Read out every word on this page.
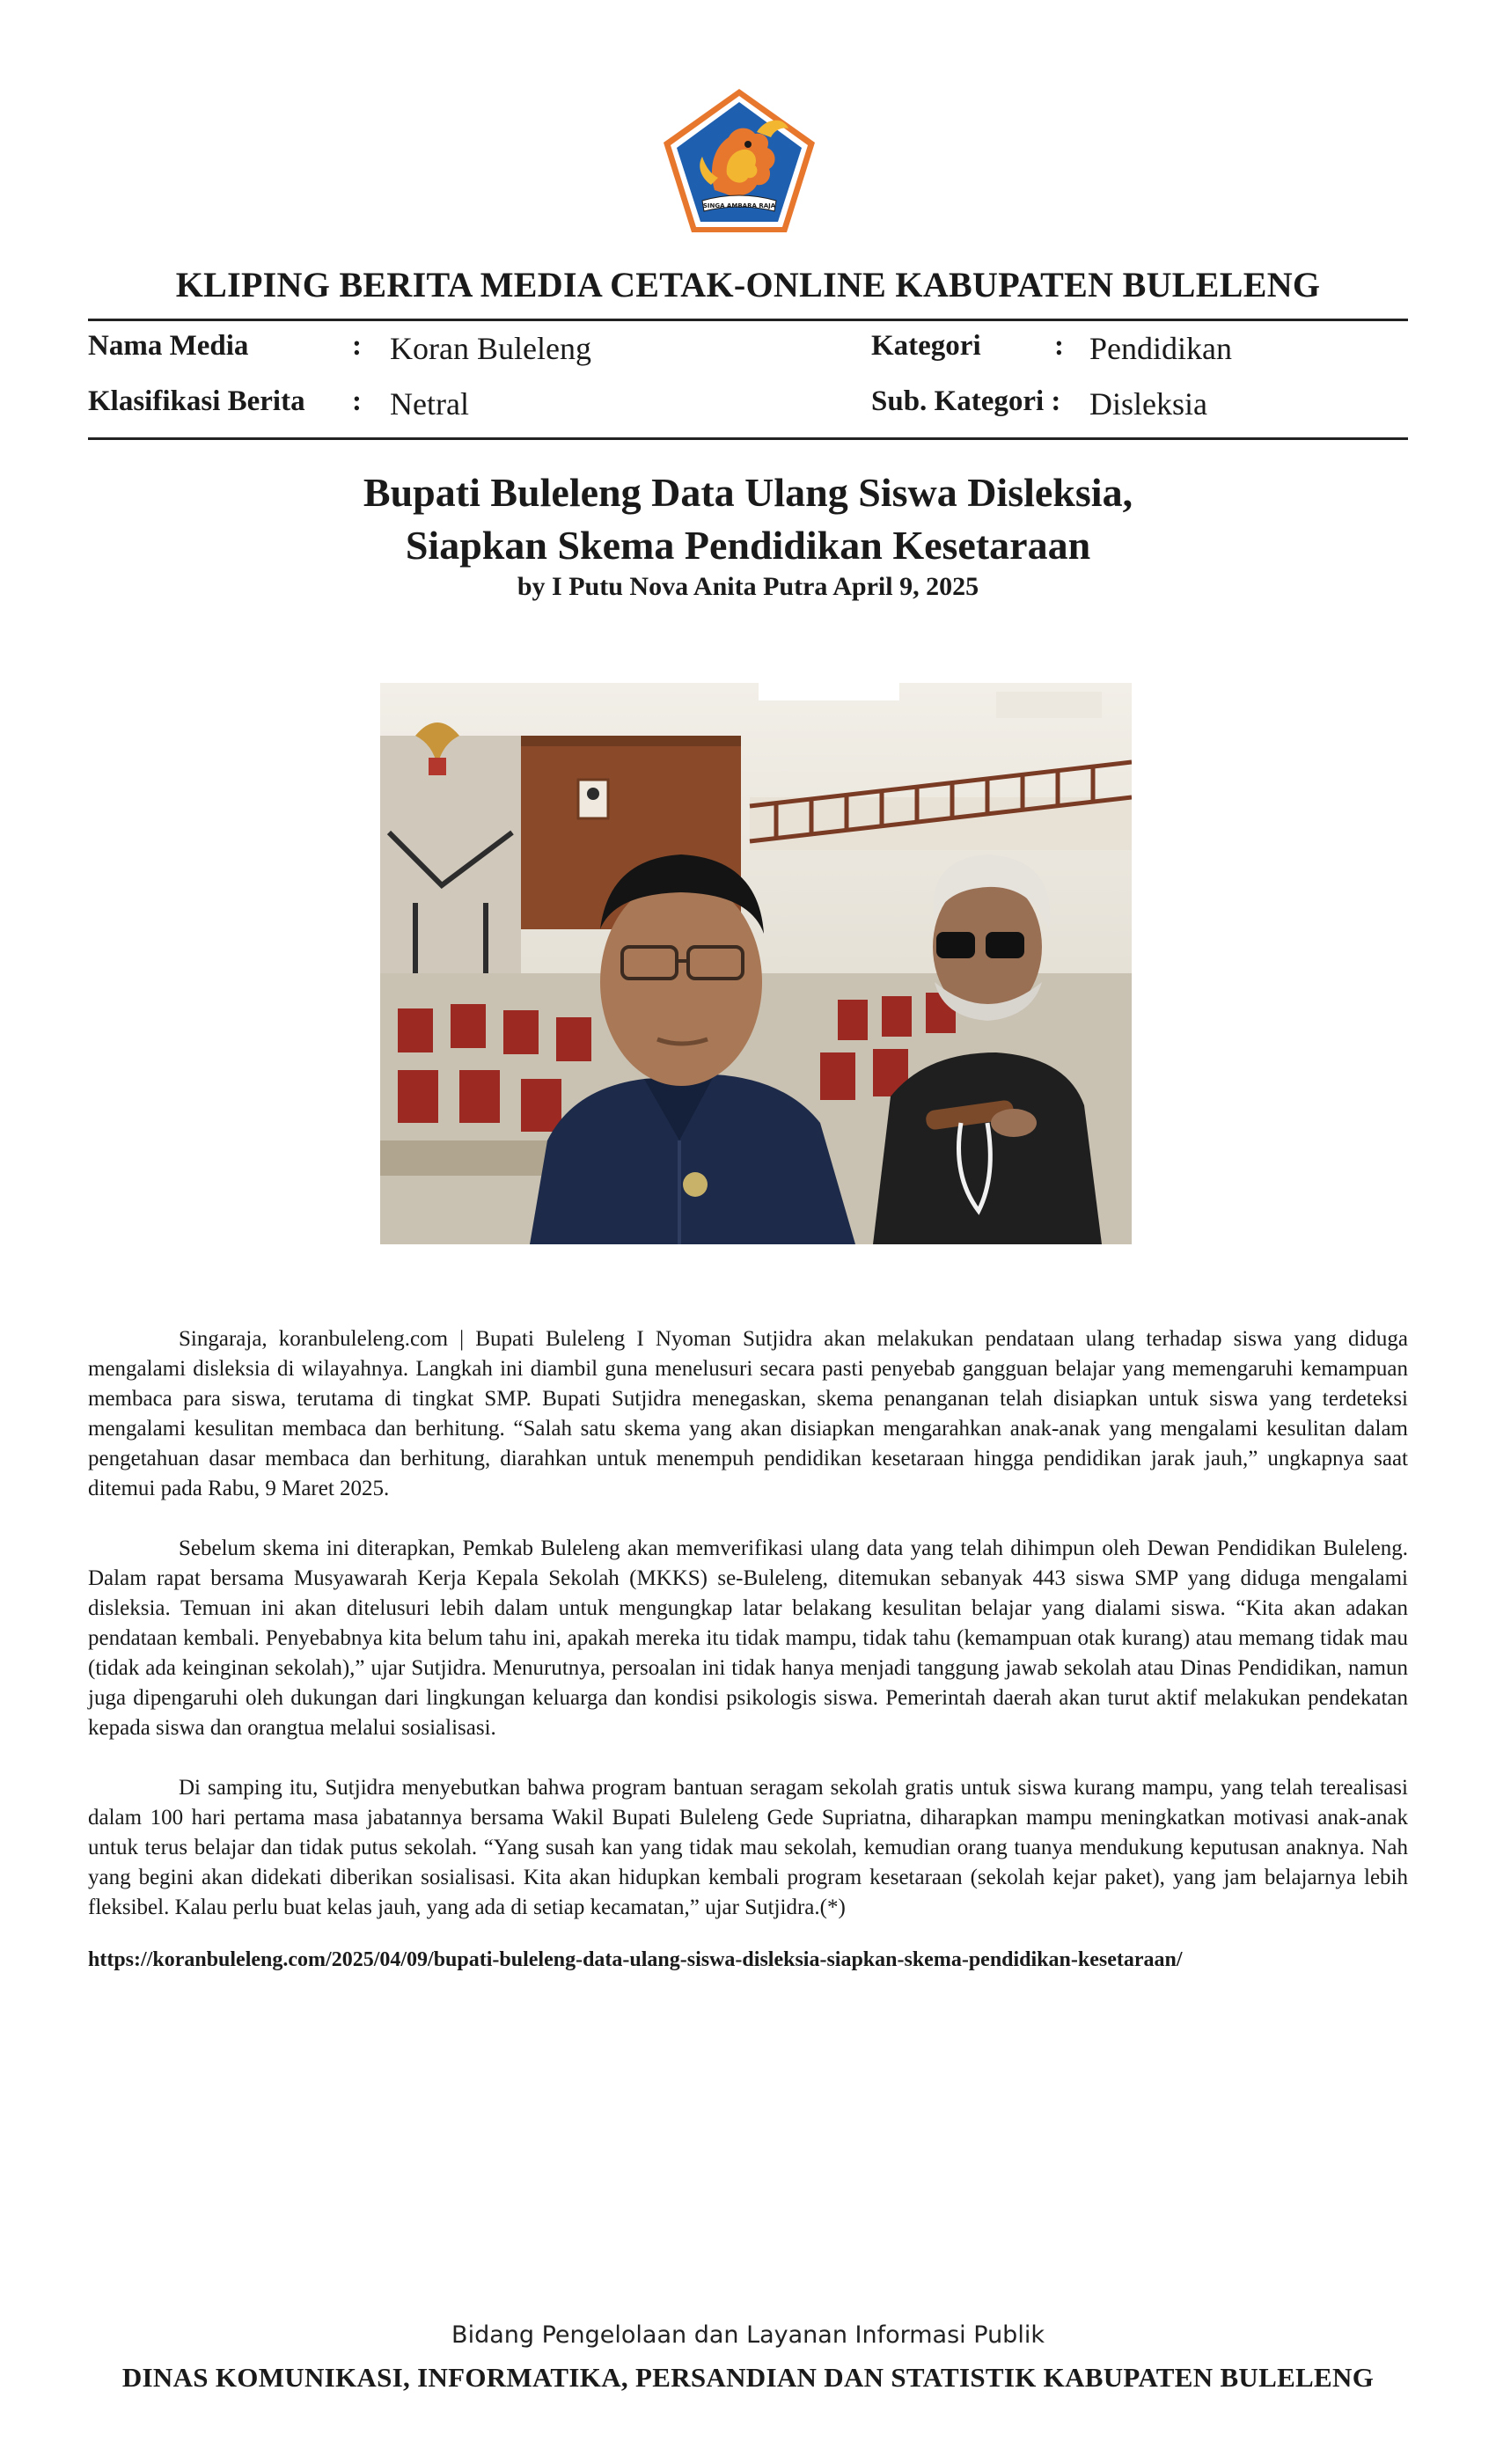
SINGA AMBARA RAJA
KLIPING BERITA MEDIA CETAK-ONLINE KABUPATEN BULELENG
Nama Media	: Koran Buleleng	Kategori	: Pendidikan
Klasifikasi Berita : Netral	Sub. Kategori : Disleksia
Bupati Buleleng Data Ulang Siswa Disleksia,
Siapkan Skema Pendidikan Kesetaraan
by I Putu Nova Anita Putra April 9, 2025

Singaraja, koranbuleleng.com | Bupati Buleleng I Nyoman Sutjidra akan melakukan pendataan ulang terhadap siswa yang diduga mengalami disleksia di wilayahnya. Langkah ini diambil guna menelusuri secara pasti penyebab gangguan belajar yang memengaruhi kemampuan membaca para siswa, terutama di tingkat SMP. Bupati Sutjidra menegaskan, skema penanganan telah disiapkan untuk siswa yang terdeteksi mengalami kesulitan membaca dan berhitung. “Salah satu skema yang akan disiapkan mengarahkan anak-anak yang mengalami kesulitan dalam pengetahuan dasar membaca dan berhitung, diarahkan untuk menempuh pendidikan kesetaraan hingga pendidikan jarak jauh,” ungkapnya saat ditemui pada Rabu, 9 Maret 2025.

Sebelum skema ini diterapkan, Pemkab Buleleng akan memverifikasi ulang data yang telah dihimpun oleh Dewan Pendidikan Buleleng. Dalam rapat bersama Musyawarah Kerja Kepala Sekolah (MKKS) se-Buleleng, ditemukan sebanyak 443 siswa SMP yang diduga mengalami disleksia. Temuan ini akan ditelusuri lebih dalam untuk mengungkap latar belakang kesulitan belajar yang dialami siswa. “Kita akan adakan pendataan kembali. Penyebabnya kita belum tahu ini, apakah mereka itu tidak mampu, tidak tahu (kemampuan otak kurang) atau memang tidak mau (tidak ada keinginan sekolah),” ujar Sutjidra. Menurutnya, persoalan ini tidak hanya menjadi tanggung jawab sekolah atau Dinas Pendidikan, namun juga dipengaruhi oleh dukungan dari lingkungan keluarga dan kondisi psikologis siswa. Pemerintah daerah akan turut aktif melakukan pendekatan kepada siswa dan orangtua melalui sosialisasi.

Di samping itu, Sutjidra menyebutkan bahwa program bantuan seragam sekolah gratis untuk siswa kurang mampu, yang telah terealisasi dalam 100 hari pertama masa jabatannya bersama Wakil Bupati Buleleng Gede Supriatna, diharapkan mampu meningkatkan motivasi anak-anak untuk terus belajar dan tidak putus sekolah. “Yang susah kan yang tidak mau sekolah, kemudian orang tuanya mendukung keputusan anaknya. Nah yang begini akan didekati diberikan sosialisasi. Kita akan hidupkan kembali program kesetaraan (sekolah kejar paket), yang jam belajarnya lebih fleksibel. Kalau perlu buat kelas jauh, yang ada di setiap kecamatan,” ujar Sutjidra.(*)

https://koranbuleleng.com/2025/04/09/bupati-buleleng-data-ulang-siswa-disleksia-siapkan-skema-pendidikan-kesetaraan/
Bidang Pengelolaan dan Layanan Informasi Publik
DINAS KOMUNIKASI, INFORMATIKA, PERSANDIAN DAN STATISTIK KABUPATEN BULELENG
